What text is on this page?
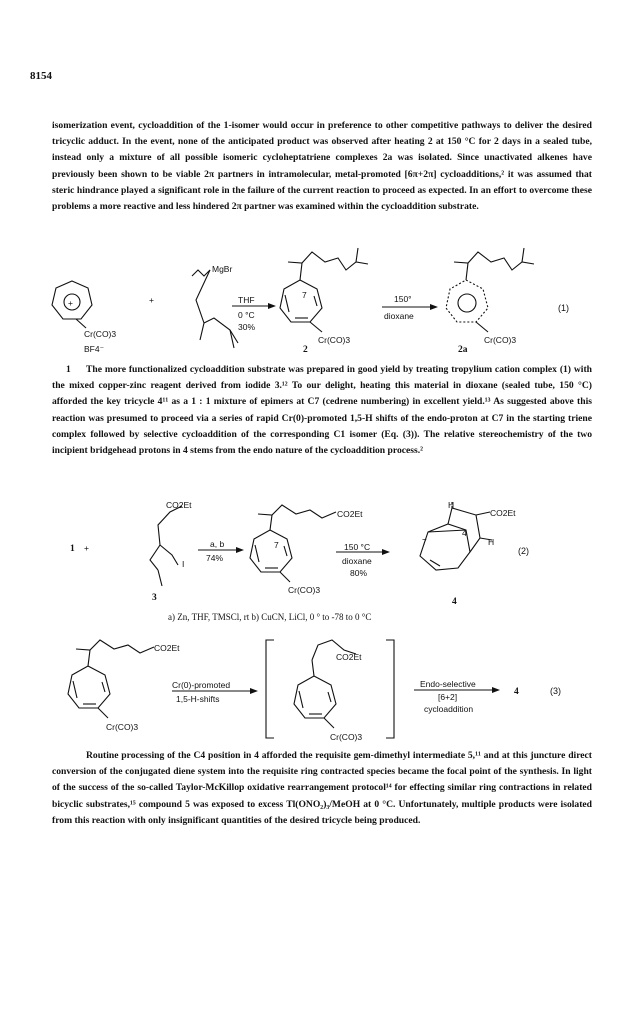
8154

isomerization event, cycloaddition of the 1-isomer would occur in preference to other competitive pathways to deliver the desired tricyclic adduct. In the event, none of the anticipated product was observed after heating 2 at 150 °C for 2 days in a sealed tube, instead only a mixture of all possible isomeric cycloheptatriene complexes 2a was isolated. Since unactivated alkenes have previously been shown to be viable 2π partners in intramolecular, metal-promoted [6π+2π] cycloadditions,² it was assumed that steric hindrance played a significant role in the failure of the current reaction to proceed as expected. In an effort to overcome these problems a more reactive and less hindered 2π partner was examined within the cycloaddition substrate.

+
Cr(CO)3
BF4⁻
1
+
MgBr
THF
0 °C
30%
7
Cr(CO)3
2
150°
dioxane
Cr(CO)3
2a
(1)

The more functionalized cycloaddition substrate was prepared in good yield by treating tropylium cation complex (1) with the mixed copper-zinc reagent derived from iodide 3.¹² To our delight, heating this material in dioxane (sealed tube, 150 °C) afforded the key tricycle 4¹¹ as a 1 : 1 mixture of epimers at C7 (cedrene numbering) in excellent yield.¹³ As suggested above this reaction was presumed to proceed via a series of rapid Cr(0)-promoted 1,5-H shifts of the endo-proton at C7 in the starting triene complex followed by selective cycloaddition of the corresponding C1 isomer (Eq. (3)). The relative stereochemistry of the two incipient bridgehead protons in 4 stems from the endo nature of the cycloaddition process.²

1 +
CO2Et
I
3
a, b
74%
CO2Et
7
Cr(CO)3
150 °C
dioxane
80%
H
CO2Et
H
7
4
4
(2)
a) Zn, THF, TMSCl, rt b) CuCN, LiCl, 0 ° to -78 to 0 °C
CO2Et
Cr(CO)3
Cr(0)-promoted
1,5-H-shifts
CO2Et
Cr(CO)3
Endo-selective
[6+2]
cycloaddition
4	(3)

Routine processing of the C4 position in 4 afforded the requisite gem-dimethyl intermediate 5,¹¹ and at this juncture direct conversion of the conjugated diene system into the requisite ring contracted species became the focal point of the synthesis. In light of the success of the so-called Taylor-McKillop oxidative rearrangement protocol¹⁴ for effecting similar ring contractions in related bicyclic substrates,¹⁵ compound 5 was exposed to excess Tl(ONO₂)₃/MeOH at 0 °C. Unfortunately, multiple products were isolated from this reaction with only insignificant quantities of the desired tricycle being produced.
